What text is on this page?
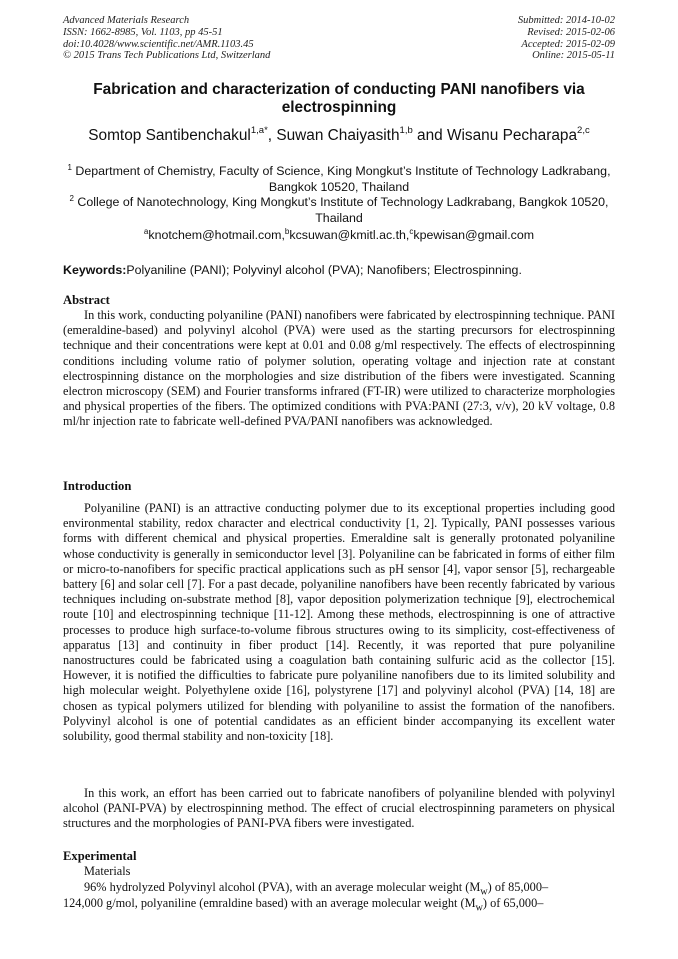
Advanced Materials Research
ISSN: 1662-8985, Vol. 1103, pp 45-51
doi:10.4028/www.scientific.net/AMR.1103.45
© 2015 Trans Tech Publications Ltd, Switzerland
Submitted: 2014-10-02
Revised: 2015-02-06
Accepted: 2015-02-09
Online: 2015-05-11
Fabrication and characterization of conducting PANI nanofibers via electrospinning
Somtop Santibenchakul$^{1,a*}$, Suwan Chaiyasith$^{1,b}$ and Wisanu Pecharapa$^{2,c}$
$^1$ Department of Chemistry, Faculty of Science, King Mongkut’s Institute of Technology Ladkrabang, Bangkok 10520, Thailand
$^2$ College of Nanotechnology, King Mongkut’s Institute of Technology Ladkrabang, Bangkok 10520, Thailand
$^a$knotchem@hotmail.com,$^b$kcsuwan@kmitl.ac.th,$^c$kpewisan@gmail.com
Keywords:Polyaniline (PANI); Polyvinyl alcohol (PVA); Nanofibers; Electrospinning.
Abstract
In this work, conducting polyaniline (PANI) nanofibers were fabricated by electrospinning technique. PANI (emeraldine-based) and polyvinyl alcohol (PVA) were used as the starting precursors for electrospinning technique and their concentrations were kept at 0.01 and 0.08 g/ml respectively. The effects of electrospinning conditions including volume ratio of polymer solution, operating voltage and injection rate at constant electrospinning distance on the morphologies and size distribution of the fibers were investigated. Scanning electron microscopy (SEM) and Fourier transforms infrared (FT-IR) were utilized to characterize morphologies and physical properties of the fibers. The optimized conditions with PVA:PANI (27:3, v/v), 20 kV voltage, 0.8 ml/hr injection rate to fabricate well-defined PVA/PANI nanofibers was acknowledged.
Introduction
Polyaniline (PANI) is an attractive conducting polymer due to its exceptional properties including good environmental stability, redox character and electrical conductivity [1, 2]. Typically, PANI possesses various forms with different chemical and physical properties. Emeraldine salt is generally protonated polyaniline whose conductivity is generally in semiconductor level [3]. Polyaniline can be fabricated in forms of either film or micro-to-nanofibers for specific practical applications such as pH sensor [4], vapor sensor [5], rechargeable battery [6] and solar cell [7]. For a past decade, polyaniline nanofibers have been recently fabricated by various techniques including on-substrate method [8], vapor deposition polymerization technique [9], electrochemical route [10] and electrospinning technique [11-12]. Among these methods, electrospinning is one of attractive processes to produce high surface-to-volume fibrous structures owing to its simplicity, cost-effectiveness of apparatus [13] and continuity in fiber product [14]. Recently, it was reported that pure polyaniline nanostructures could be fabricated using a coagulation bath containing sulfuric acid as the collector [15]. However, it is notified the difficulties to fabricate pure polyaniline nanofibers due to its limited solubility and high molecular weight. Polyethylene oxide [16], polystyrene [17] and polyvinyl alcohol (PVA) [14, 18] are chosen as typical polymers utilized for blending with polyaniline to assist the formation of the nanofibers. Polyvinyl alcohol is one of potential candidates as an efficient binder accompanying its excellent water solubility, good thermal stability and non-toxicity [18].
In this work, an effort has been carried out to fabricate nanofibers of polyaniline blended with polyvinyl alcohol (PANI-PVA) by electrospinning method. The effect of crucial electrospinning parameters on physical structures and the morphologies of PANI-PVA fibers were investigated.
Experimental
Materials
96% hydrolyzed Polyvinyl alcohol (PVA), with an average molecular weight $(M_w)$ of 85,000–
124,000 g/mol, polyaniline (emraldine based) with an average molecular weight $(M_w)$ of 65,000–
